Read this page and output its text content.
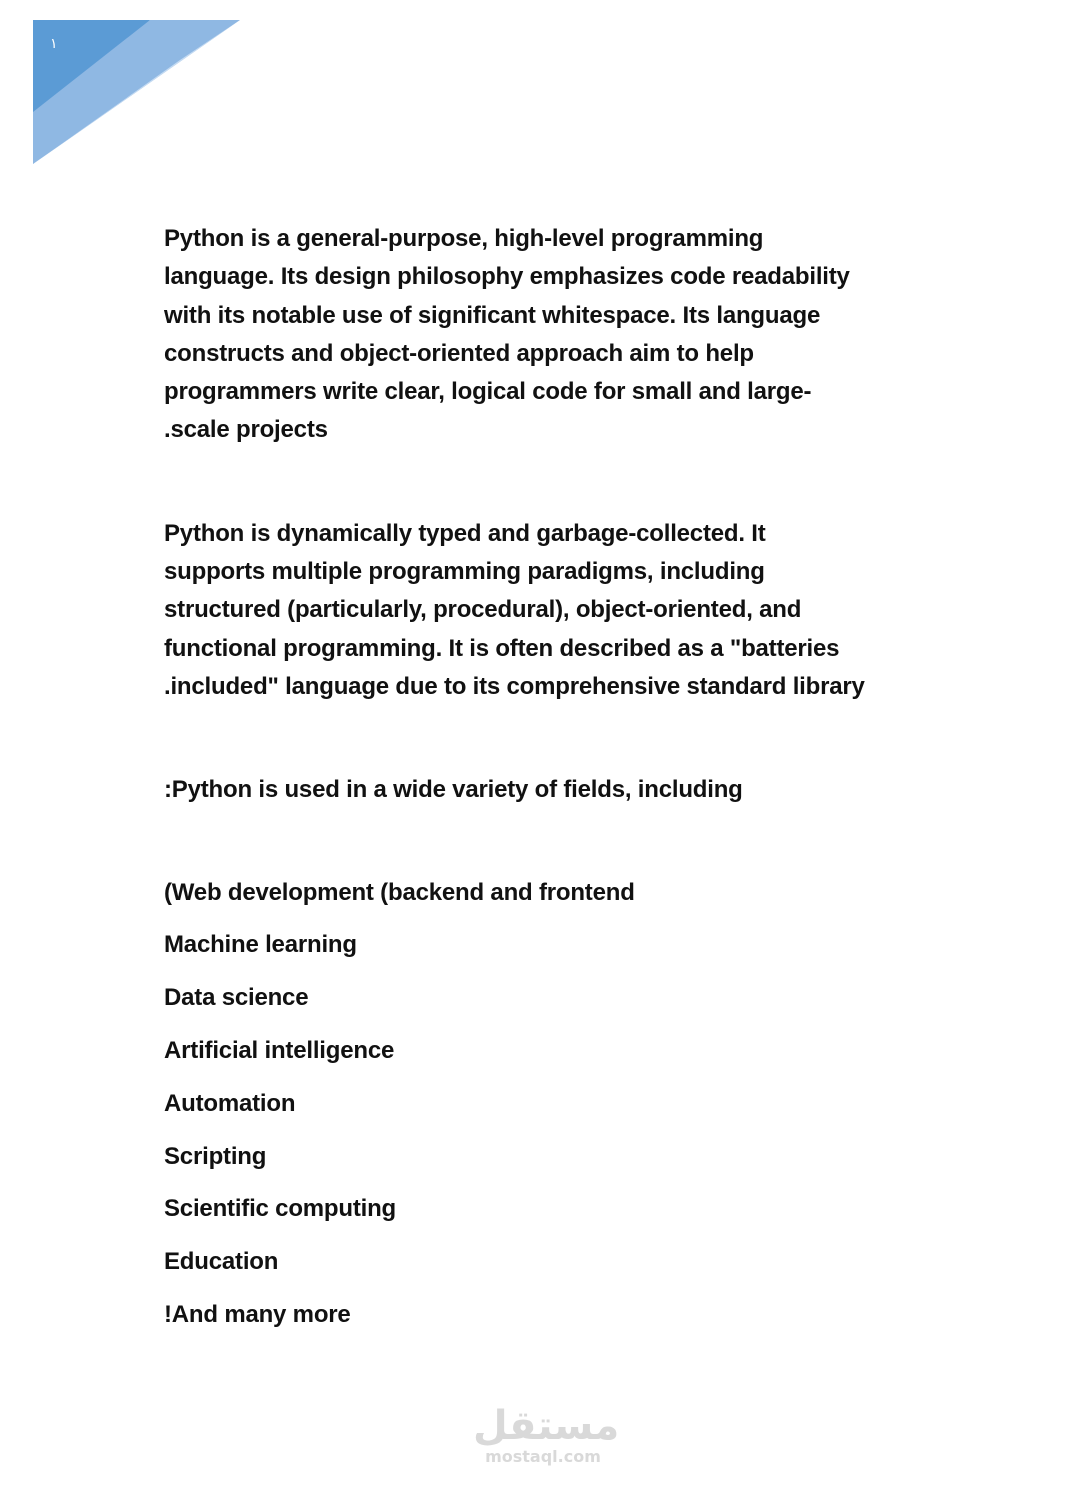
١

Python is a general-purpose, high-level programming
language. Its design philosophy emphasizes code readability
with its notable use of significant whitespace. Its language
constructs and object-oriented approach aim to help
programmers write clear, logical code for small and large-
.scale projects

Python is dynamically typed and garbage-collected. It
supports multiple programming paradigms, including
structured (particularly, procedural), object-oriented, and
functional programming. It is often described as a "batteries
.included" language due to its comprehensive standard library

:Python is used in a wide variety of fields, including

(Web development (backend and frontend
Machine learning
Data science
Artificial intelligence
Automation
Scripting
Scientific computing
Education
!And many more
مستقل
mostaql.com
